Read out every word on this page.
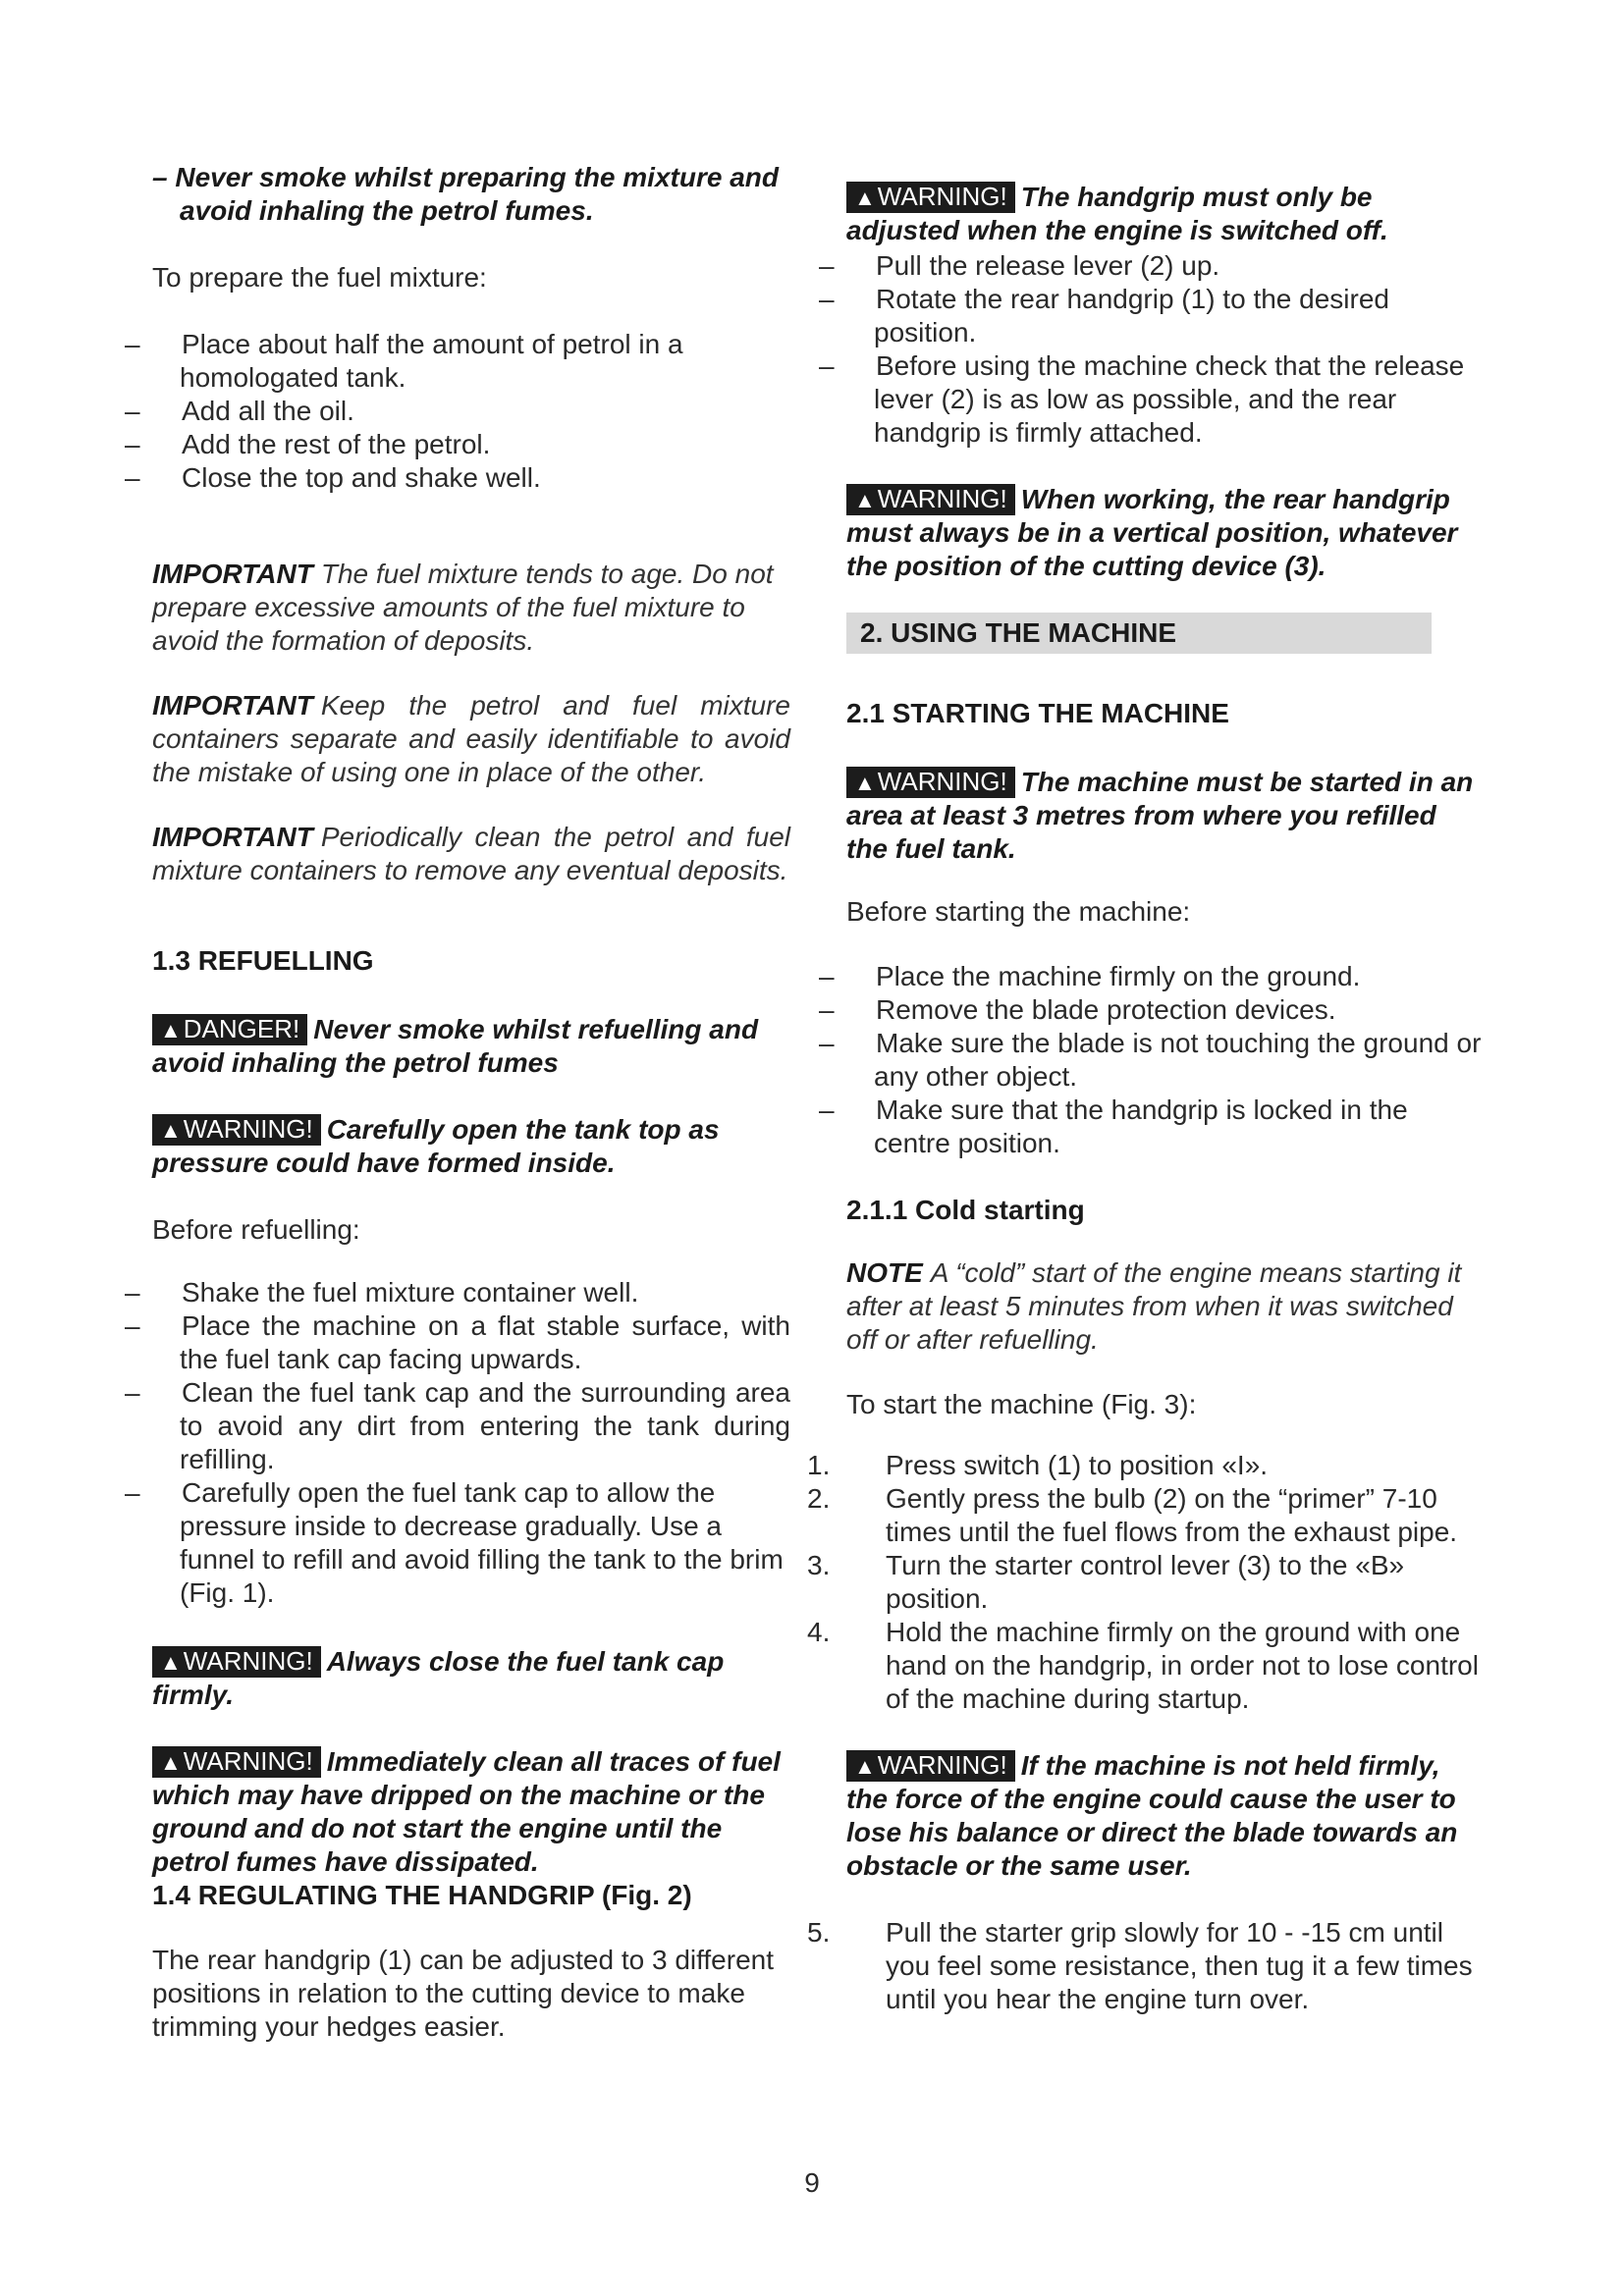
– Never smoke whilst preparing the mixture and avoid inhaling the petrol fumes.

To prepare the fuel mixture:

– Place about half the amount of petrol in a homologated tank.

– Add all the oil.

– Add the rest of the petrol.

– Close the top and shake well.

IMPORTANT The fuel mixture tends to age. Do not prepare excessive amounts of the fuel mixture to avoid the formation of deposits.

IMPORTANT Keep the petrol and fuel mixture containers separate and easily identifiable to avoid the mistake of using one in place of the other.

IMPORTANT Periodically clean the petrol and fuel mixture containers to remove any eventual deposits.

1.3 REFUELLING

▲DANGER! Never smoke whilst refuelling and avoid inhaling the petrol fumes

▲WARNING! Carefully open the tank top as pressure could have formed inside.

Before refuelling:

– Shake the fuel mixture container well.

– Place the machine on a flat stable surface, with the fuel tank cap facing upwards.

– Clean the fuel tank cap and the surrounding area to avoid any dirt from entering the tank during refilling.

– Carefully open the fuel tank cap to allow the pressure inside to decrease gradually. Use a funnel to refill and avoid filling the tank to the brim (Fig. 1).

▲WARNING! Always close the fuel tank cap firmly.

▲WARNING! Immediately clean all traces of fuel which may have dripped on the machine or the ground and do not start the engine until the petrol fumes have dissipated.

1.4 REGULATING THE HANDGRIP (Fig. 2)

The rear handgrip (1) can be adjusted to 3 different positions in relation to the cutting device to make trimming your hedges easier.

▲WARNING! The handgrip must only be adjusted when the engine is switched off.

– Pull the release lever (2) up.

– Rotate the rear handgrip (1) to the desired position.

– Before using the machine check that the release lever (2) is as low as possible, and the rear handgrip is firmly attached.

▲WARNING! When working, the rear handgrip must always be in a vertical position, whatever the position of the cutting device (3).

2. USING THE MACHINE

2.1 STARTING THE MACHINE

▲WARNING! The machine must be started in an area at least 3 metres from where you refilled the fuel tank.

Before starting the machine:

– Place the machine firmly on the ground.

– Remove the blade protection devices.

– Make sure the blade is not touching the ground or any other object.

– Make sure that the handgrip is locked in the centre position.

2.1.1 Cold starting

NOTE A “cold” start of the engine means starting it after at least 5 minutes from when it was switched off or after refuelling.

To start the machine (Fig. 3):

1. Press switch (1) to position «I».

2. Gently press the bulb (2) on the “primer” 7-10 times until the fuel flows from the exhaust pipe.

3. Turn the starter control lever (3) to the «B» position.

4. Hold the machine firmly on the ground with one hand on the handgrip, in order not to lose control of the machine during startup.

▲WARNING! If the machine is not held firmly, the force of the engine could cause the user to lose his balance or direct the blade towards an obstacle or the same user.

5. Pull the starter grip slowly for 10 - -15 cm until you feel some resistance, then tug it a few times until you hear the engine turn over.

9
